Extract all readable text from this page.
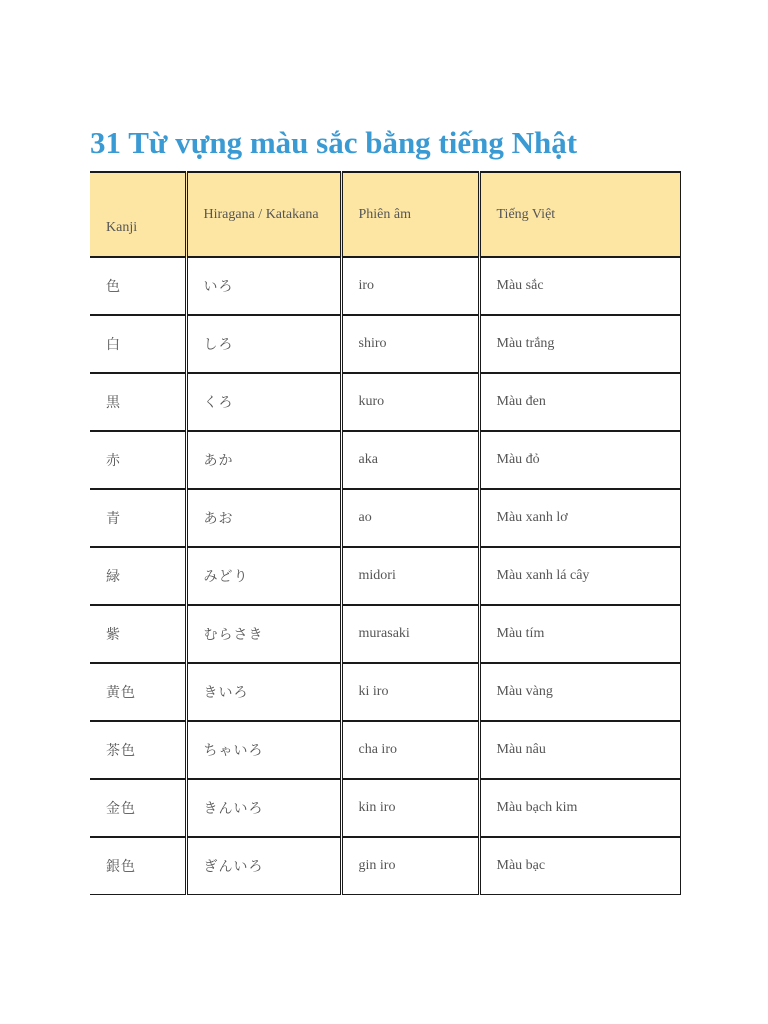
31 Từ vựng màu sắc bằng tiếng Nhật
Kanji	Hiragana / Katakana	Phiên âm	Tiếng Việt
色	いろ	iro	Màu sắc
白	しろ	shiro	Màu trắng
黒	くろ	kuro	Màu đen
赤	あか	aka	Màu đỏ
青	あお	ao	Màu xanh lơ
緑	みどり	midori	Màu xanh lá cây
紫	むらさき	murasaki	Màu tím
黄色	きいろ	ki iro	Màu vàng
茶色	ちゃいろ	cha iro	Màu nâu
金色	きんいろ	kin iro	Màu bạch kim
銀色	ぎんいろ	gin iro	Màu bạc
